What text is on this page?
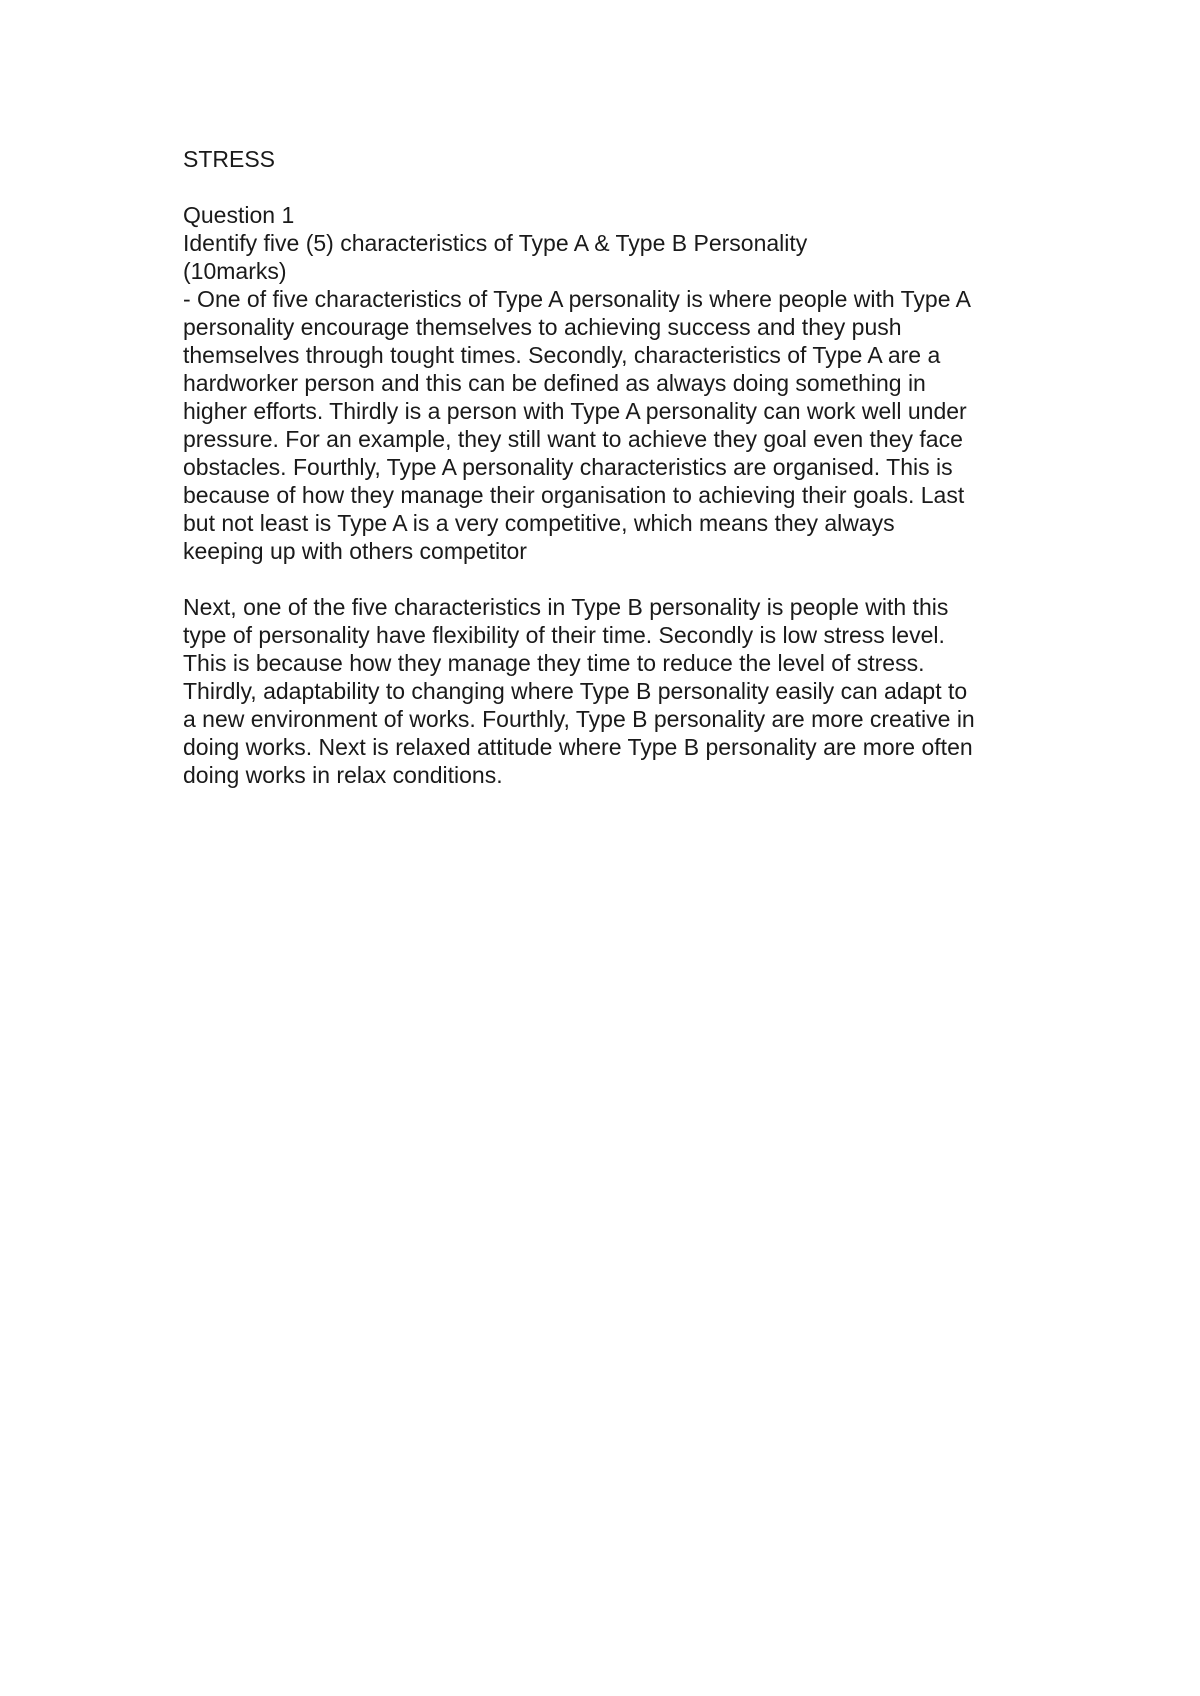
STRESS
Question 1
Identify five (5) characteristics of Type A & Type B Personality
(10marks)
- One of five characteristics of Type A personality is where people with Type A
personality encourage themselves to achieving success and they push
themselves through tought times. Secondly, characteristics of Type A are a
hardworker person and this can be defined as always doing something in
higher efforts. Thirdly is a person with Type A personality can work well under
pressure. For an example, they still want to achieve they goal even they face
obstacles. Fourthly, Type A personality characteristics are organised. This is
because of how they manage their organisation to achieving their goals. Last
but not least is Type A is a very competitive, which means they always
keeping up with others competitor
Next, one of the five characteristics in Type B personality is people with this
type of personality have flexibility of their time. Secondly is low stress level.
This is because how they manage they time to reduce the level of stress.
Thirdly, adaptability to changing where Type B personality easily can adapt to
a new environment of works. Fourthly, Type B personality are more creative in
doing works. Next is relaxed attitude where Type B personality are more often
doing works in relax conditions.
